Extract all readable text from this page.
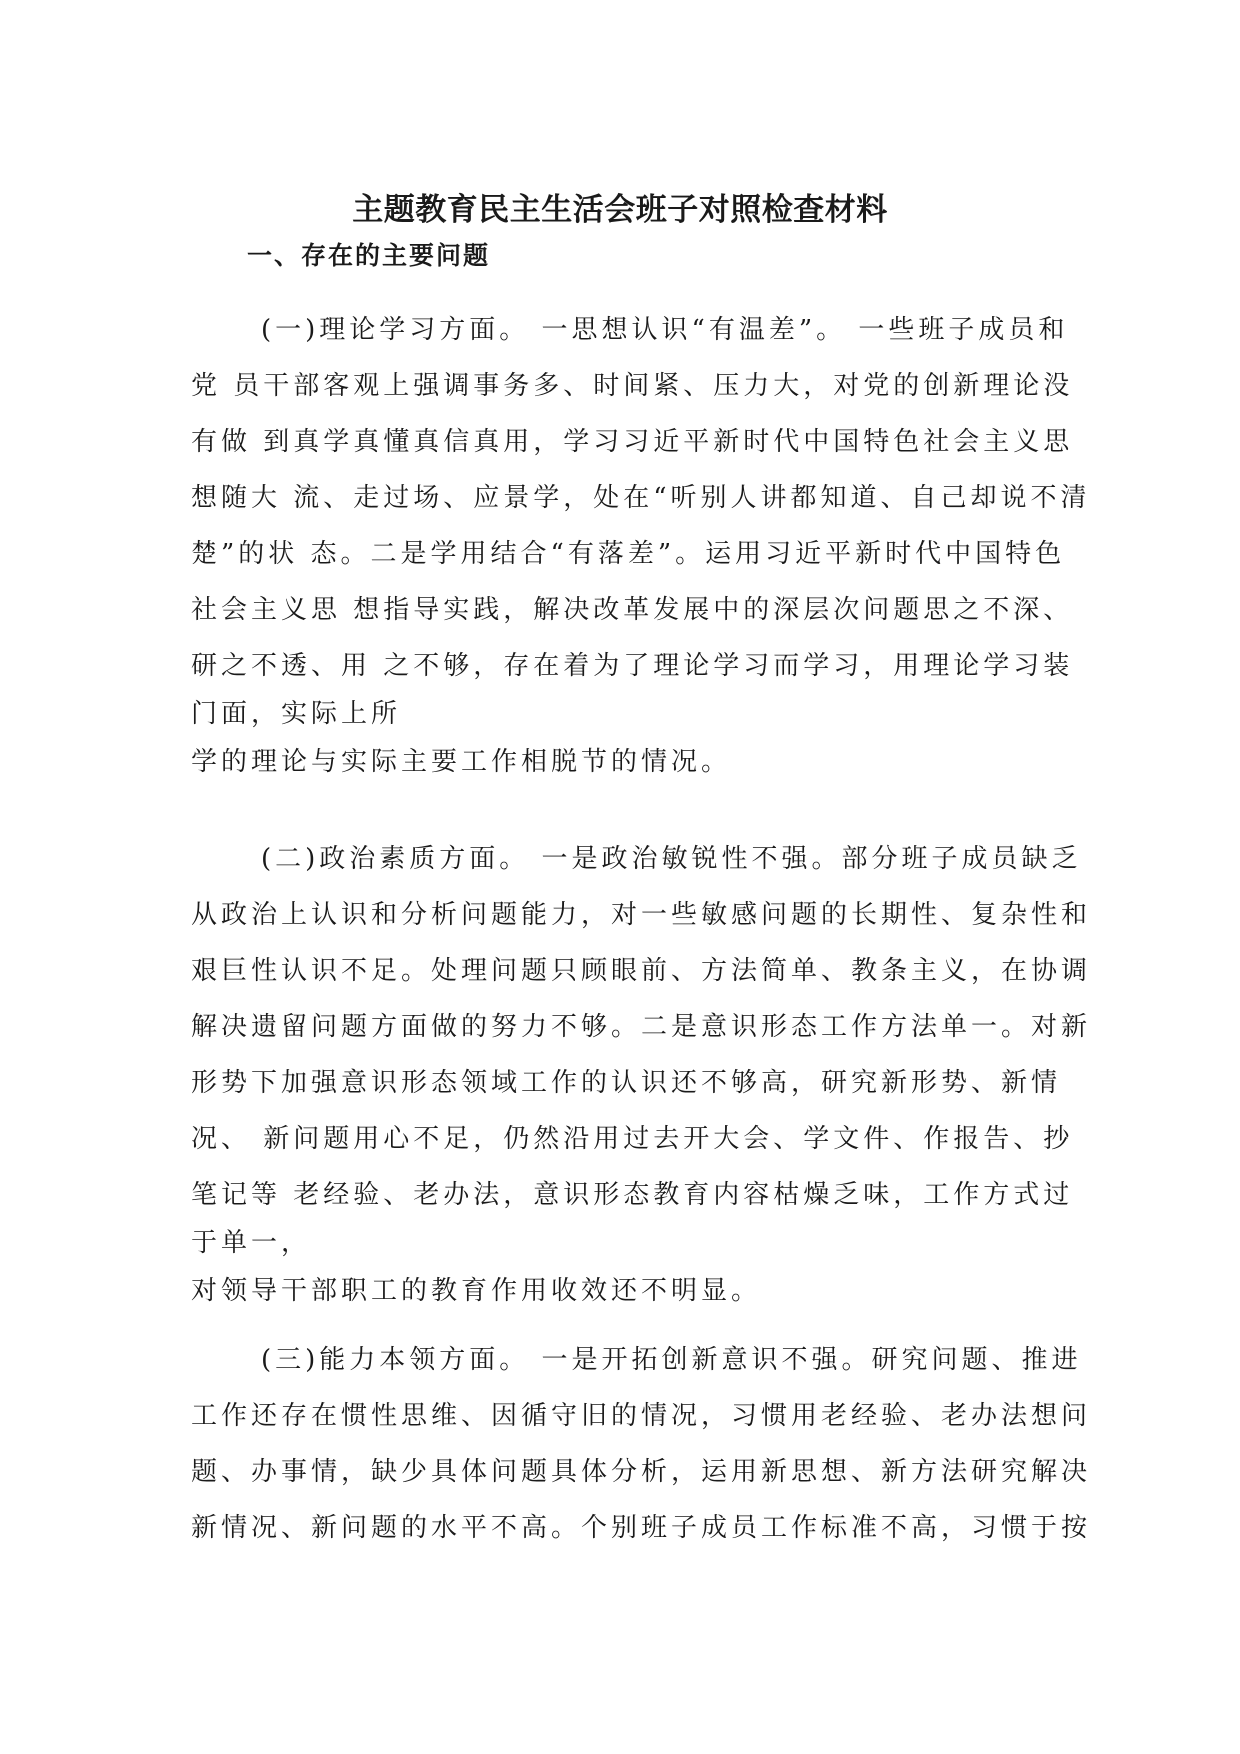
主题教育民主生活会班子对照检查材料
一、存在的主要问题
(一)理论学习方面。 一思想认识“有温差”。 一些班子成员和
党 员干部客观上强调事务多、时间紧、压力大，对党的创新理论没
有做 到真学真懂真信真用，学习习近平新时代中国特色社会主义思
想随大 流、走过场、应景学，处在“听别人讲都知道、自己却说不清
楚”的状 态。二是学用结合“有落差”。运用习近平新时代中国特色
社会主义思 想指导实践，解决改革发展中的深层次问题思之不深、
研之不透、用 之不够，存在着为了理论学习而学习，用理论学习装
门面，实际上所
学的理论与实际主要工作相脱节的情况。
(二)政治素质方面。 一是政治敏锐性不强。部分班子成员缺乏
从政治上认识和分析问题能力，对一些敏感问题的长期性、复杂性和
艰巨性认识不足。处理问题只顾眼前、方法简单、教条主义，在协调
解决遗留问题方面做的努力不够。二是意识形态工作方法单一。对新
形势下加强意识形态领域工作的认识还不够高，研究新形势、新情
况、 新问题用心不足，仍然沿用过去开大会、学文件、作报告、抄
笔记等 老经验、老办法，意识形态教育内容枯燥乏味，工作方式过
于单一，
对领导干部职工的教育作用收效还不明显。
(三)能力本领方面。 一是开拓创新意识不强。研究问题、推进
工作还存在惯性思维、因循守旧的情况，习惯用老经验、老办法想问
题、办事情，缺少具体问题具体分析，运用新思想、新方法研究解决
新情况、新问题的水平不高。个别班子成员工作标准不高，习惯于按
